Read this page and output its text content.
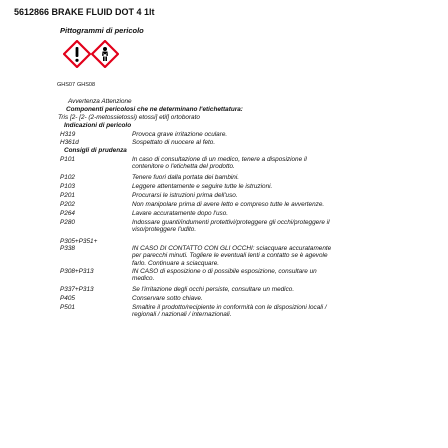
5612866 BRAKE FLUID DOT 4 1lt
Pittogrammi di pericolo
GHS07 GHS08
Avvertenza Attenzione
Componenti pericolosi che ne determinano l'etichettatura:
Tris [2- [2- (2-metossietossi) etossi] etil] ortoborato
Indicazioni di pericolo
H319	Provoca grave irritazione oculare.
H361d	Sospettato di nuocere al feto.
Consigli di prudenza
P101	In caso di consultazione di un medico, tenere a disposizione il
contenitore o l'etichetta del prodotto.
P102	Tenere fuori dalla portata dei bambini.
P103	Leggere attentamente e seguire tutte le istruzioni.
P201	Procurarsi le istruzioni prima dell'uso.
P202	Non manipolare prima di avere letto e compreso tutte le avvertenze.
P264	Lavare accuratamente dopo l'uso.
P280	Indossare guanti/indumenti protettivi/proteggere gli occhi/proteggere il
viso/proteggere l'udito.
P305+P351+
P338	IN CASO DI CONTATTO CON GLI OCCHI: sciacquare accuratamente
per parecchi minuti. Togliere le eventuali lenti a contatto se è agevole
farlo. Continuare a sciacquare.
P308+P313	IN CASO di esposizione o di possibile esposizione, consultare un
medico.
P337+P313	Se l'irritazione degli occhi persiste, consultare un medico.
P405	Conservare sotto chiave.
P501	Smaltire il prodotto/recipiente in conformità con le disposizioni locali /
regionali / nazionali / internazionali.
